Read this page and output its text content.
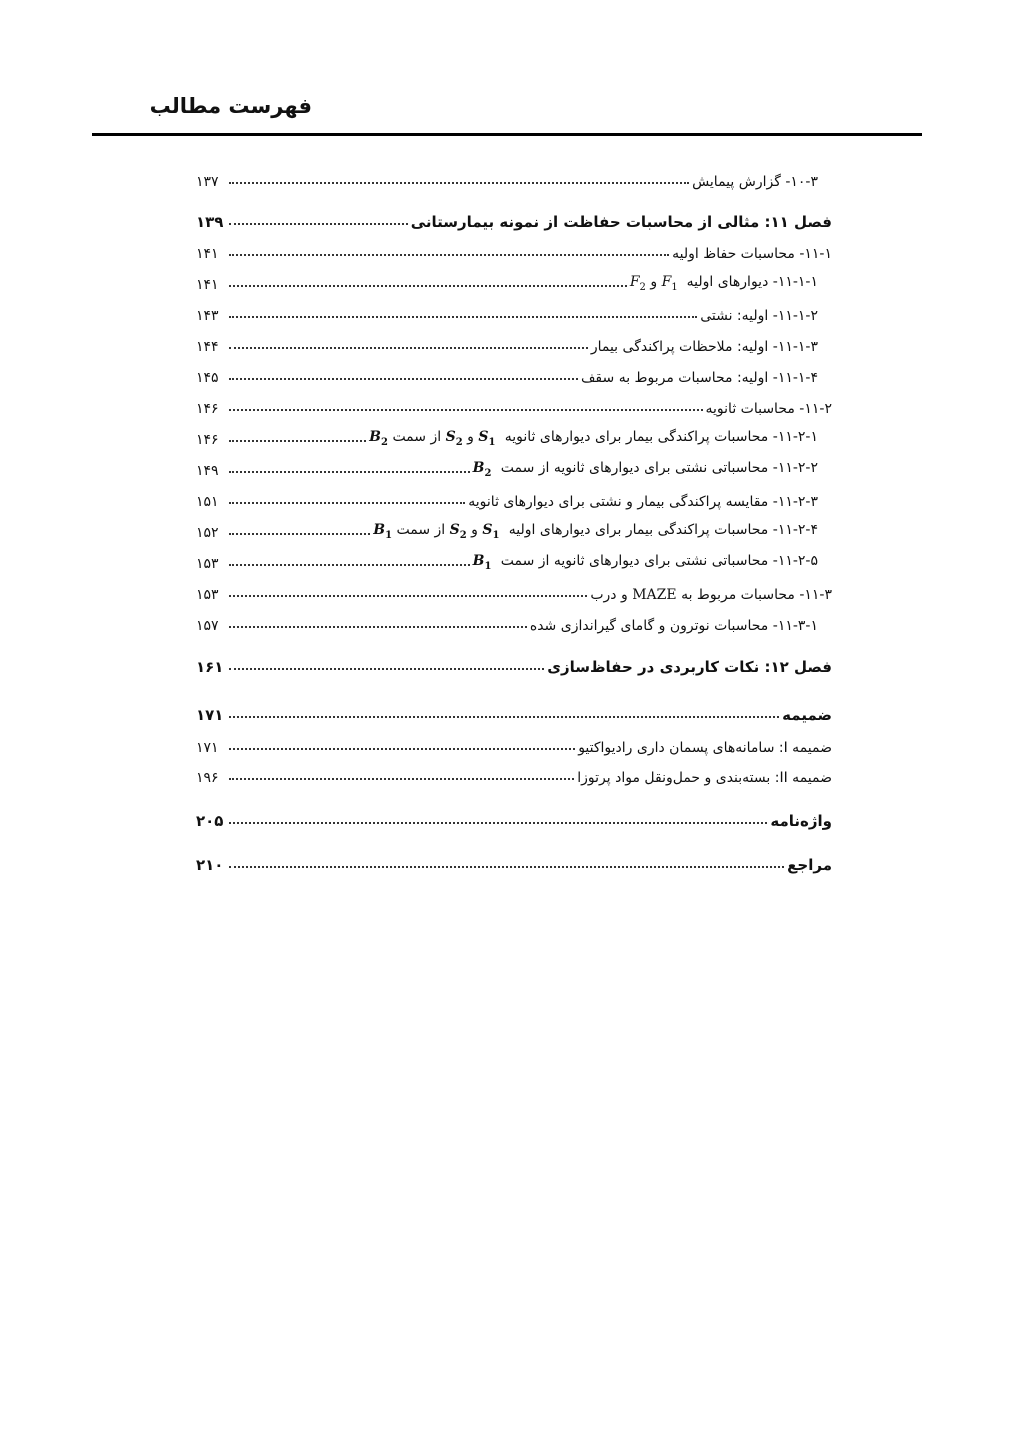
فهرست مطالب
۱۰-۳- گزارش پیمایش
۱۳۷
فصل ۱۱: مثالی از محاسبات حفاظت از نمونه بیمارستانی
۱۳۹
۱۱-۱- محاسبات حفاظ اولیه
۱۴۱
۱۱-۱-۱- دیوارهای اولیه  $F_1$ و $F_2$
۱۴۱
۱۱-۱-۲- اولیه: نشتی
۱۴۳
۱۱-۱-۳- اولیه: ملاحظات پراکندگی بیمار
۱۴۴
۱۱-۱-۴- اولیه: محاسبات مربوط به سقف
۱۴۵
۱۱-۲- محاسبات ثانویه
۱۴۶
۱۱-۲-۱- محاسبات پراکندگی بیمار برای دیوارهای ثانویه  $S_1$ و $S_2$ از سمت $B_2$
۱۴۶
۱۱-۲-۲- محاسباتی نشتی برای دیوارهای ثانویه از سمت  $B_2$
۱۴۹
۱۱-۲-۳- مقایسه پراکندگی بیمار و نشتی برای دیوارهای ثانویه
۱۵۱
۱۱-۲-۴- محاسبات پراکندگی بیمار برای دیوارهای اولیه  $S_1$ و $S_2$ از سمت $B_1$
۱۵۲
۱۱-۲-۵- محاسباتی نشتی برای دیوارهای ثانویه از سمت  $B_1$
۱۵۳
۱۱-۳- محاسبات مربوط به MAZE و درب
۱۵۳
۱۱-۳-۱- محاسبات نوترون و گامای گیراندازی شده
۱۵۷
فصل ۱۲: نکات کاربردی در حفاظ‌سازی
۱۶۱
ضمیمه
۱۷۱
ضمیمه I: سامانه‌های پسمان داری رادیواکتیو
۱۷۱
ضمیمه II: بسته‌بندی و حمل‌ونقل مواد پرتوزا
۱۹۶
واژه‌نامه
۲۰۵
مراجع
۲۱۰
